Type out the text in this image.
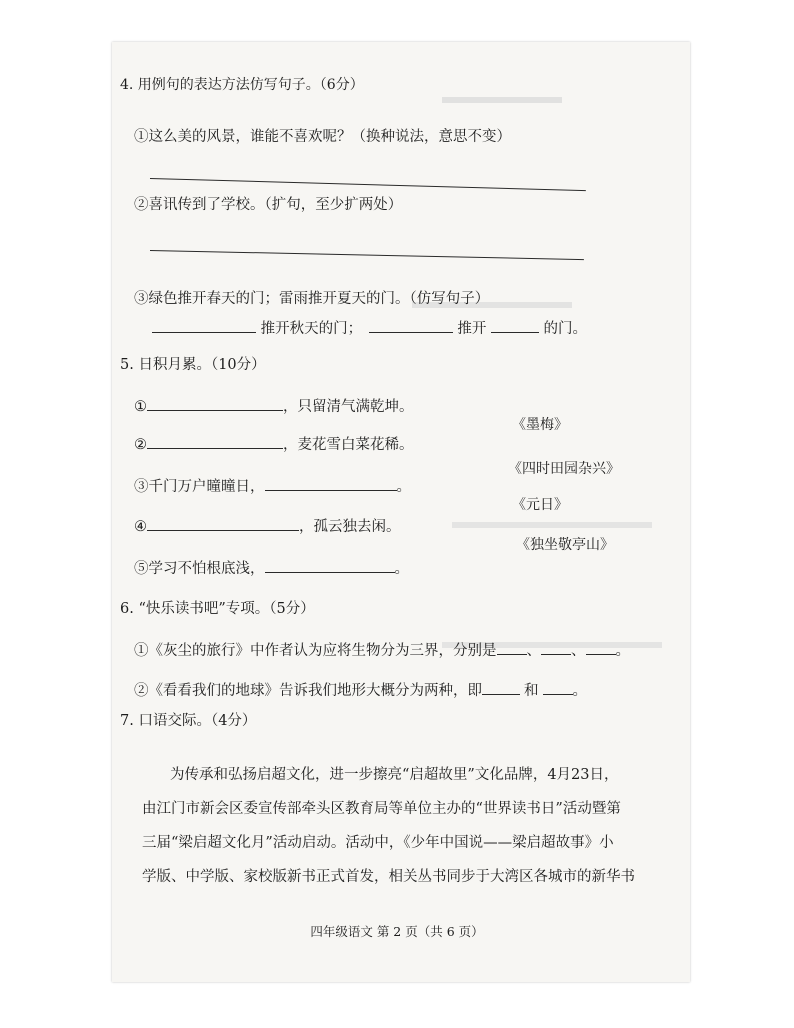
4. 用例句的表达方法仿写句子。（6分）
①这么美的风景，谁能不喜欢呢？（换种说法，意思不变）
②喜讯传到了学校。（扩句，至少扩两处）
③绿色推开春天的门；雷雨推开夏天的门。（仿写句子）
推开秋天的门；	推开	的门。
5. 日积月累。（10分）
①	，只留清气满乾坤。
《墨梅》
②	，麦花雪白菜花稀。
《四时田园杂兴》
③千门万户曈曈日，	。
《元日》
④	，孤云独去闲。
《独坐敬亭山》
⑤学习不怕根底浅，	。
6. “快乐读书吧”专项。（5分）
①《灰尘的旅行》中作者认为应将生物分为三界，分别是 、 、 。
②《看看我们的地球》告诉我们地形大概分为两种，即	和 。
7. 口语交际。（4分）
为传承和弘扬启超文化，进一步擦亮“启超故里”文化品牌，4月23日，
由江门市新会区委宣传部牵头区教育局等单位主办的“世界读书日”活动暨第
三届“梁启超文化月”活动启动。活动中，《少年中国说——梁启超故事》小
学版、中学版、家校版新书正式首发，相关丛书同步于大湾区各城市的新华书
四年级语文 第 2 页（共 6 页）
